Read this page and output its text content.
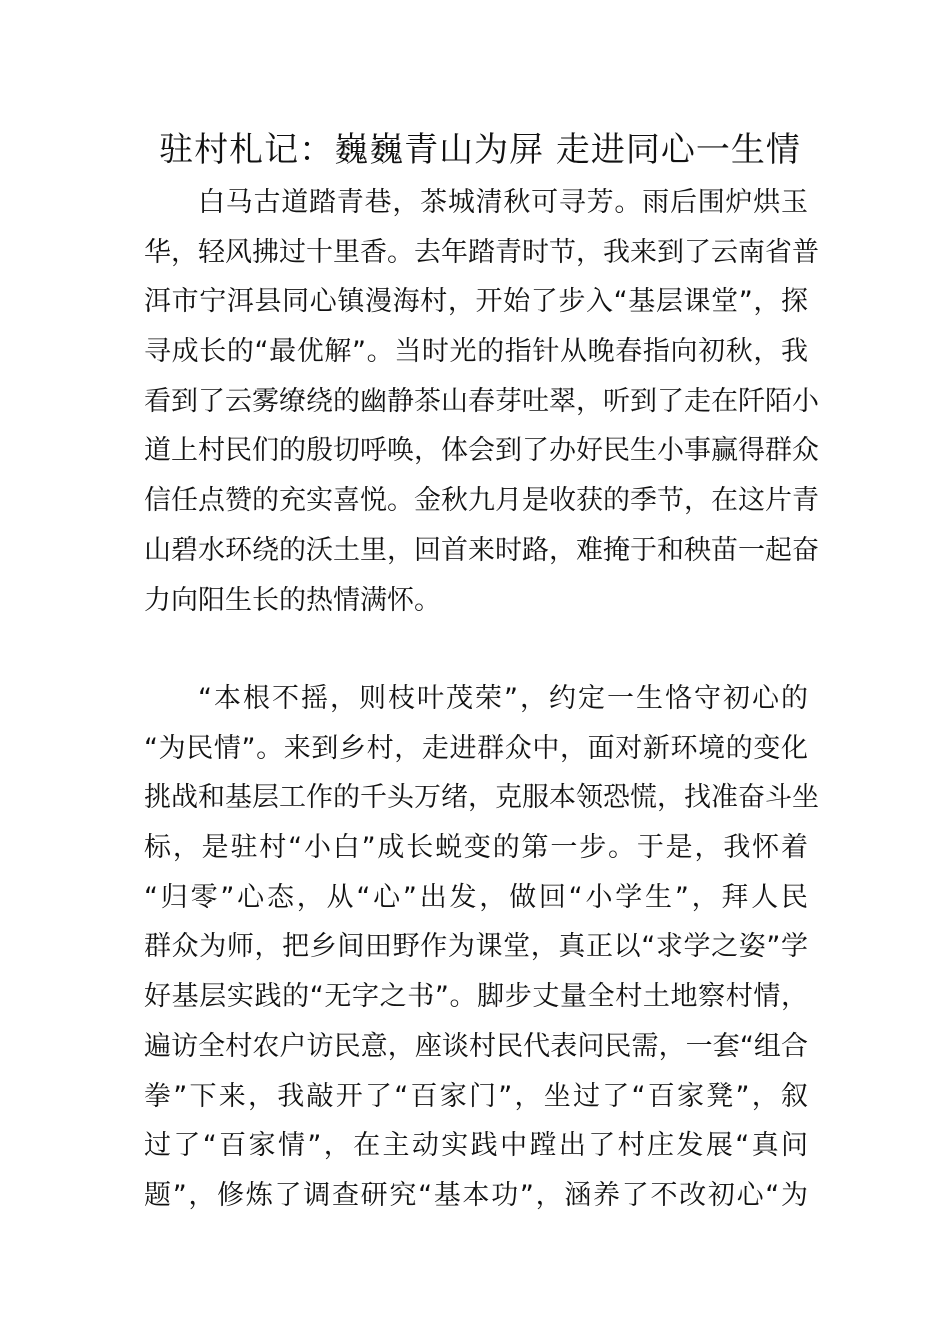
驻村札记：巍巍青山为屏 走进同心一生情
白马古道踏青巷，茶城清秋可寻芳。雨后围炉烘玉
华，轻风拂过十里香。去年踏青时节，我来到了云南省普
洱市宁洱县同心镇漫海村，开始了步入“基层课堂”，探
寻成长的“最优解”。当时光的指针从晚春指向初秋，我
看到了云雾缭绕的幽静茶山春芽吐翠，听到了走在阡陌小
道上村民们的殷切呼唤，体会到了办好民生小事赢得群众
信任点赞的充实喜悦。金秋九月是收获的季节，在这片青
山碧水环绕的沃土里，回首来时路，难掩于和秧苗一起奋
力向阳生长的热情满怀。
“本根不摇，则枝叶茂荣”，约定一生恪守初心的
“为民情”。来到乡村，走进群众中，面对新环境的变化
挑战和基层工作的千头万绪，克服本领恐慌，找准奋斗坐
标，是驻村“小白”成长蜕变的第一步。于是，我怀着
“归零”心态，从“心”出发，做回“小学生”，拜人民
群众为师，把乡间田野作为课堂，真正以“求学之姿”学
好基层实践的“无字之书”。脚步丈量全村土地察村情，
遍访全村农户访民意，座谈村民代表问民需，一套“组合
拳”下来，我敲开了“百家门”，坐过了“百家凳”，叙
过了“百家情”，在主动实践中蹚出了村庄发展“真问
题”，修炼了调查研究“基本功”，涵养了不改初心“为
